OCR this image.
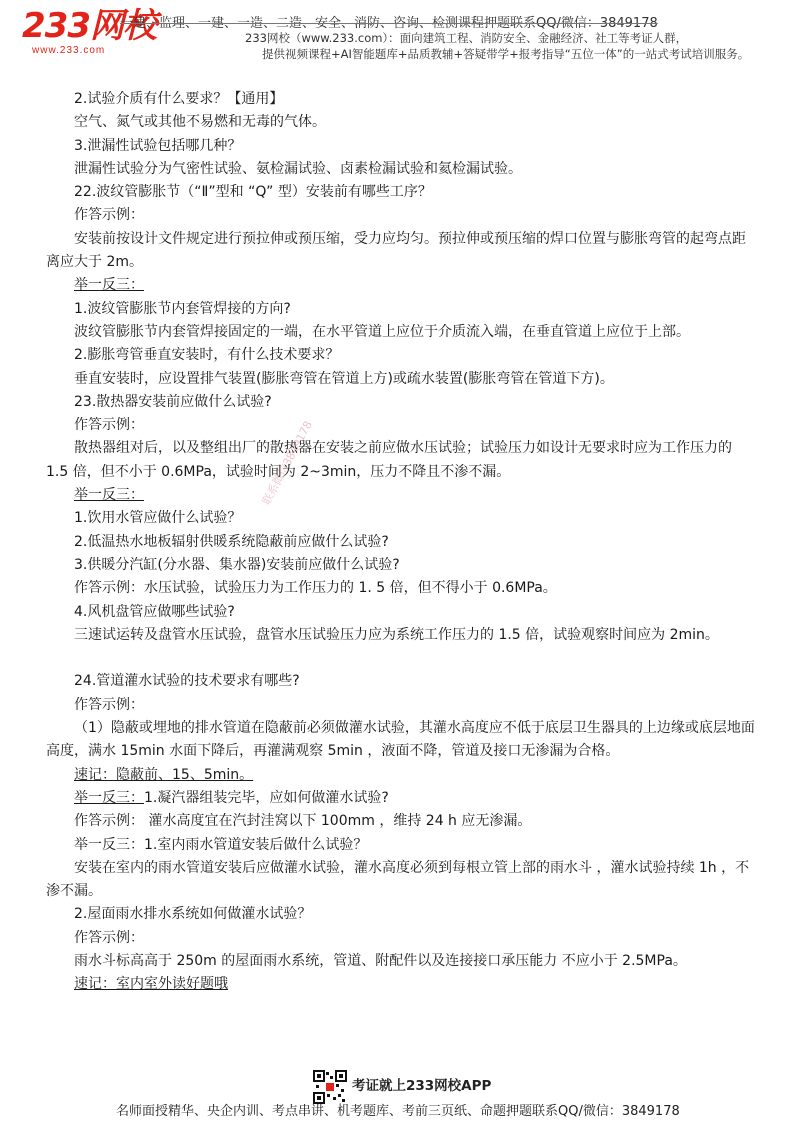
233网校
www.233.com
一建、监理、一建、一造、二造、安全、消防、咨询、检测课程押题联系QQ/微信：3849178
233网校（www.233.com）：面向建筑工程、消防安全、金融经济、社工等考证人群，
提供视频课程+AI智能题库+品质教辅+答疑带学+报考指导“五位一体”的一站式考试培训服务。
联系微信3849178
2.试验介质有什么要求？【通用】
空气、氮气或其他不易燃和无毒的气体。
3.泄漏性试验包括哪几种？
泄漏性试验分为气密性试验、氨检漏试验、卤素检漏试验和氦检漏试验。
22.波纹管膨胀节（“Ⅱ”型和 “Q” 型）安装前有哪些工序？
作答示例：
安装前按设计文件规定进行预拉伸或预压缩，受力应均匀。预拉伸或预压缩的焊口位置与膨胀弯管的起弯点距离应大于 2m。
举一反三：
1.波纹管膨胀节内套管焊接的方向?
波纹管膨胀节内套管焊接固定的一端，在水平管道上应位于介质流入端，在垂直管道上应位于上部。
2.膨胀弯管垂直安装时，有什么技术要求？
垂直安装时，应设置排气装置(膨胀弯管在管道上方)或疏水装置(膨胀弯管在管道下方)。
23.散热器安装前应做什么试验?
作答示例：
散热器组对后，以及整组出厂的散热器在安装之前应做水压试验；试验压力如设计无要求时应为工作压力的 1.5 倍，但不小于 0.6MPa，试验时间为 2~3min，压力不降且不渗不漏。
举一反三：
1.饮用水管应做什么试验？
2.低温热水地板辐射供暖系统隐蔽前应做什么试验?
3.供暖分汽缸(分水器、集水器)安装前应做什么试验?
作答示例：水压试验，试验压力为工作压力的 1. 5 倍，但不得小于 0.6MPa。
4.风机盘管应做哪些试验?
三速试运转及盘管水压试验，盘管水压试验压力应为系统工作压力的 1.5 倍，试验观察时间应为 2min。
24.管道灌水试验的技术要求有哪些?
作答示例：
（1）隐蔽或埋地的排水管道在隐蔽前必须做灌水试验，其灌水高度应不低于底层卫生器具的上边缘或底层地面高度，满水 15min 水面下降后，再灌满观察 5min ，液面不降，管道及接口无渗漏为合格。
速记：隐蔽前、15、5min。
举一反三：1.凝汽器组装完毕，应如何做灌水试验?
作答示例： 灌水高度宜在汽封洼窝以下 100mm ，维持 24 h 应无渗漏。
举一反三：1.室内雨水管道安装后做什么试验？
安装在室内的雨水管道安装后应做灌水试验，灌水高度必须到每根立管上部的雨水斗 ，灌水试验持续 1h ，不渗不漏。
2.屋面雨水排水系统如何做灌水试验？
作答示例：
雨水斗标高高于 250m 的屋面雨水系统，管道、附配件以及连接接口承压能力 不应小于 2.5MPa。
速记：室内室外读好题哦
考证就上233网校APP
名师面授精华、央企内训、考点串讲、机考题库、考前三页纸、命题押题联系QQ/微信：3849178
